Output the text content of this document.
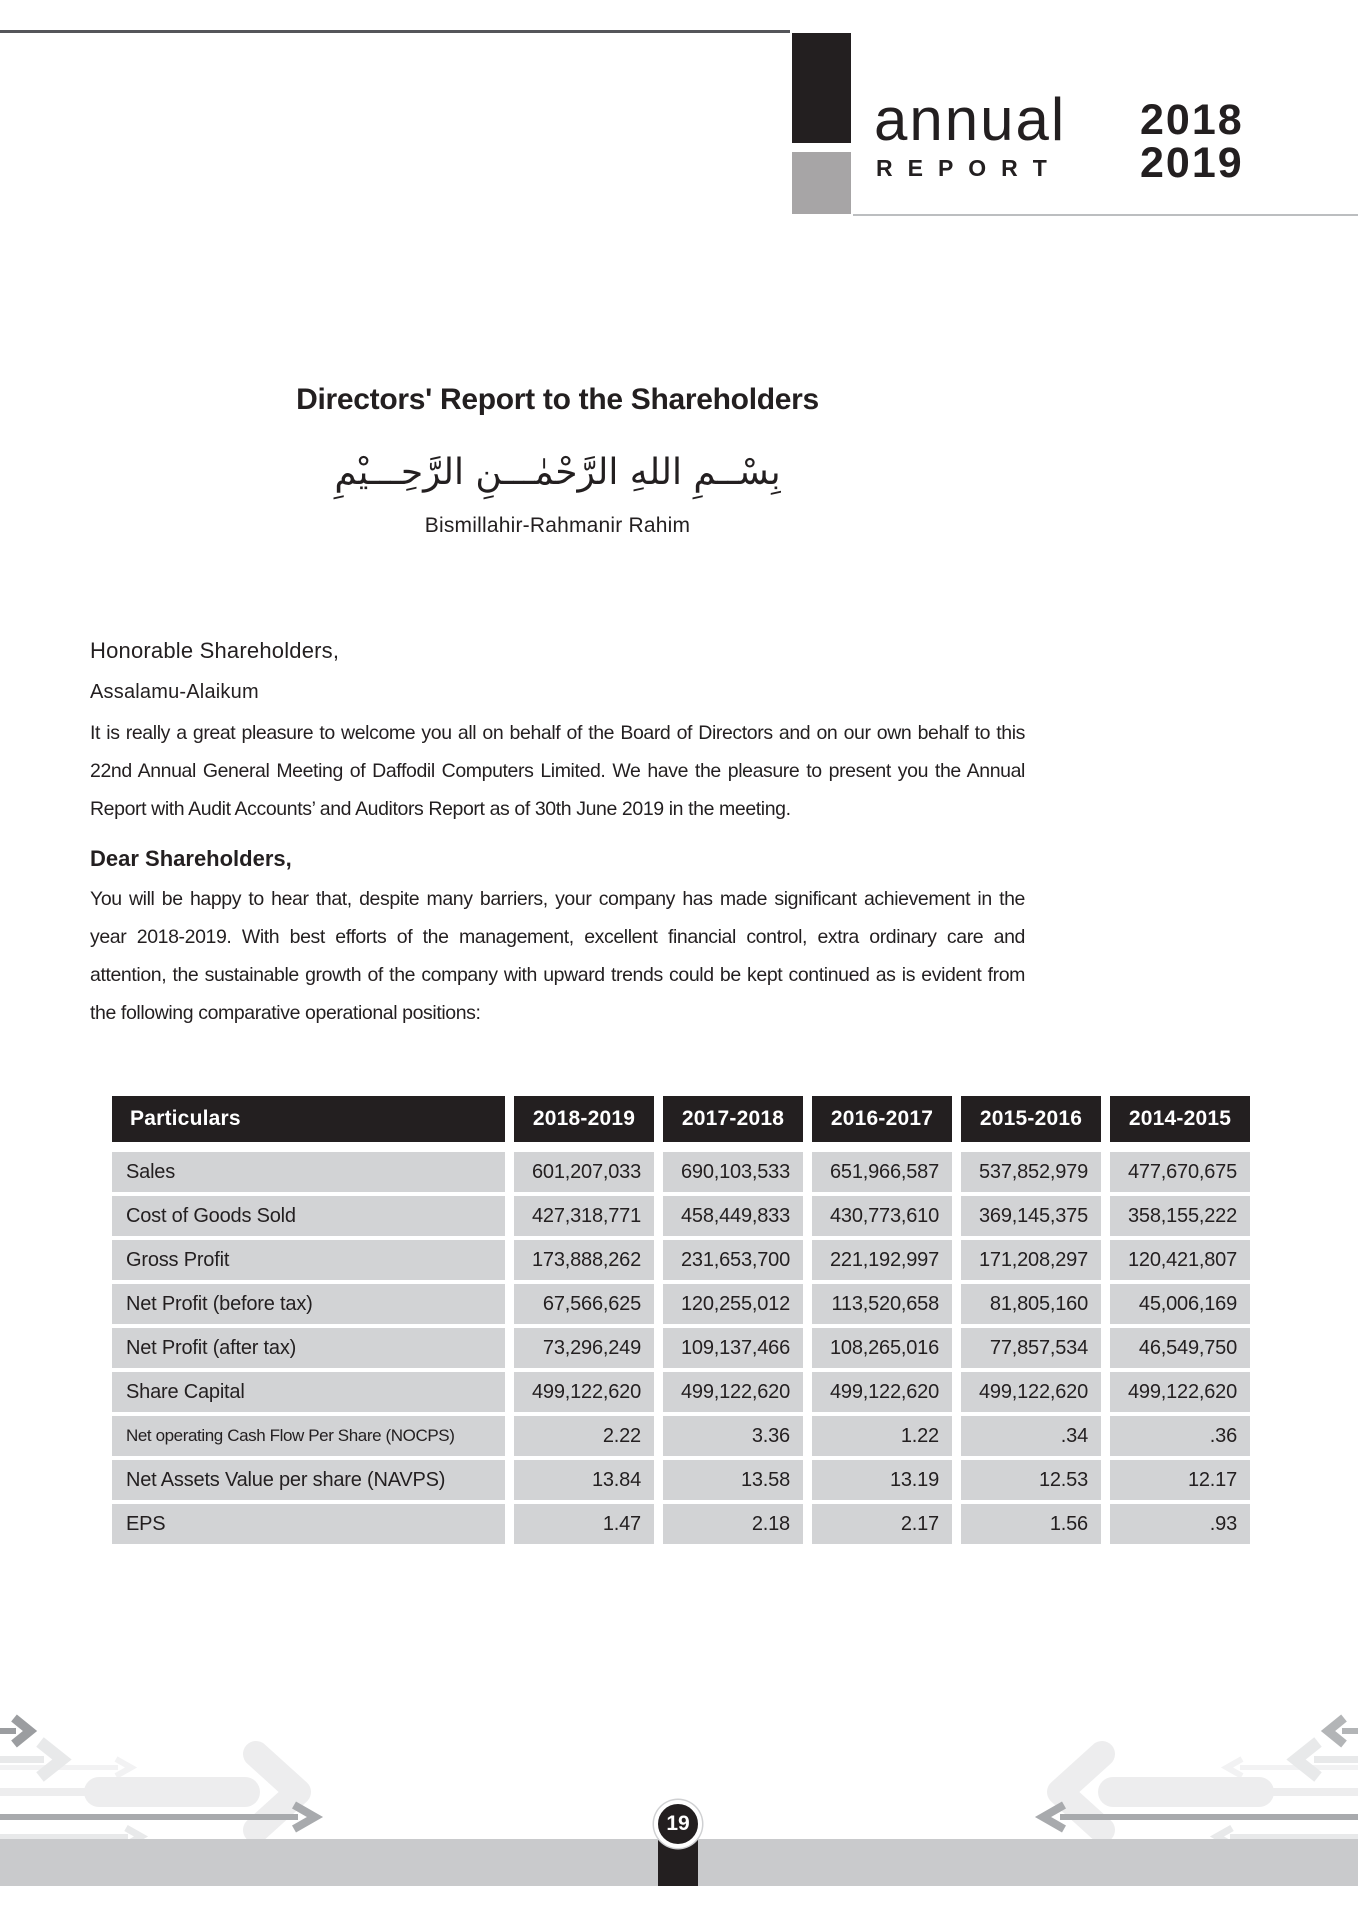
annual
REPORT
2018
2019
Directors' Report to the Shareholders
بِسْــمِ اللهِ الرَّحْمٰـــنِ الرَّحِـــيْمِ
Bismillahir-Rahmanir Rahim
Honorable Shareholders,
Assalamu-Alaikum
It is really a great pleasure to welcome you all on behalf of the Board of Directors and on our own behalf to this 22nd Annual General Meeting of Daffodil Computers Limited. We have the pleasure to present you the Annual Report with Audit Accounts’ and Auditors Report as of 30th June 2019 in the meeting.
Dear Shareholders,
You will be happy to hear that, despite many barriers, your company has made significant achievement in the year 2018-2019. With best efforts of the management, excellent financial control, extra ordinary care and attention, the sustainable growth of the company with upward trends could be kept continued as is evident from the following comparative operational positions:
Particulars	2018-2019	2017-2018	2016-2017	2015-2016	2014-2015
Sales	601,207,033	690,103,533	651,966,587	537,852,979	477,670,675
Cost of Goods Sold	427,318,771	458,449,833	430,773,610	369,145,375	358,155,222
Gross Profit	173,888,262	231,653,700	221,192,997	171,208,297	120,421,807
Net Profit (before tax)	67,566,625	120,255,012	113,520,658	81,805,160	45,006,169
Net Profit (after tax)	73,296,249	109,137,466	108,265,016	77,857,534	46,549,750
Share Capital	499,122,620	499,122,620	499,122,620	499,122,620	499,122,620
Net operating Cash Flow Per Share (NOCPS)	2.22	3.36	1.22	.34	.36
Net Assets Value per share (NAVPS)	13.84	13.58	13.19	12.53	12.17
EPS	1.47	2.18	2.17	1.56	.93
19
